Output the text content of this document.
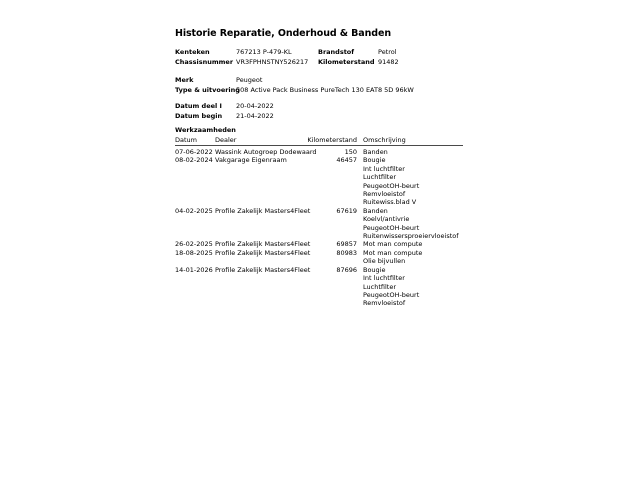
Historie Reparatie, Onderhoud & Banden
Kenteken	767213 P-479-KL	Brandstof	Petrol
Chassisnummer VR3FPHNSTNY526217	Kilometerstand 91482
Merk	Peugeot
Type & uitvoering
508 Active Pack Business PureTech 130 EAT8 5D 96kW
Datum deel I	20-04-2022
Datum begin	21-04-2022
Werkzaamheden
Datum	Dealer	Kilometerstand Omschrijving
07-06-2022 Wassink Autogroep Dodewaard	150 Banden
08-02-2024 Vakgarage Eigenraam	46457 Bougie
Int luchtfilter
Luchtfilter
PeugeotOH-beurt
Remvloeistof
Ruitewiss.blad V
04-02-2025 Profile Zakelijk Masters4Fleet	67619 Banden
Koelvl/antivrie
PeugeotOH-beurt
Ruitenwissersproeiervloeistof
26-02-2025 Profile Zakelijk Masters4Fleet	69857 Mot man compute
18-08-2025 Profile Zakelijk Masters4Fleet	80983 Mot man compute
Olie bijvullen
14-01-2026 Profile Zakelijk Masters4Fleet	87696 Bougie
Int luchtfilter
Luchtfilter
PeugeotOH-beurt
Remvloeistof
